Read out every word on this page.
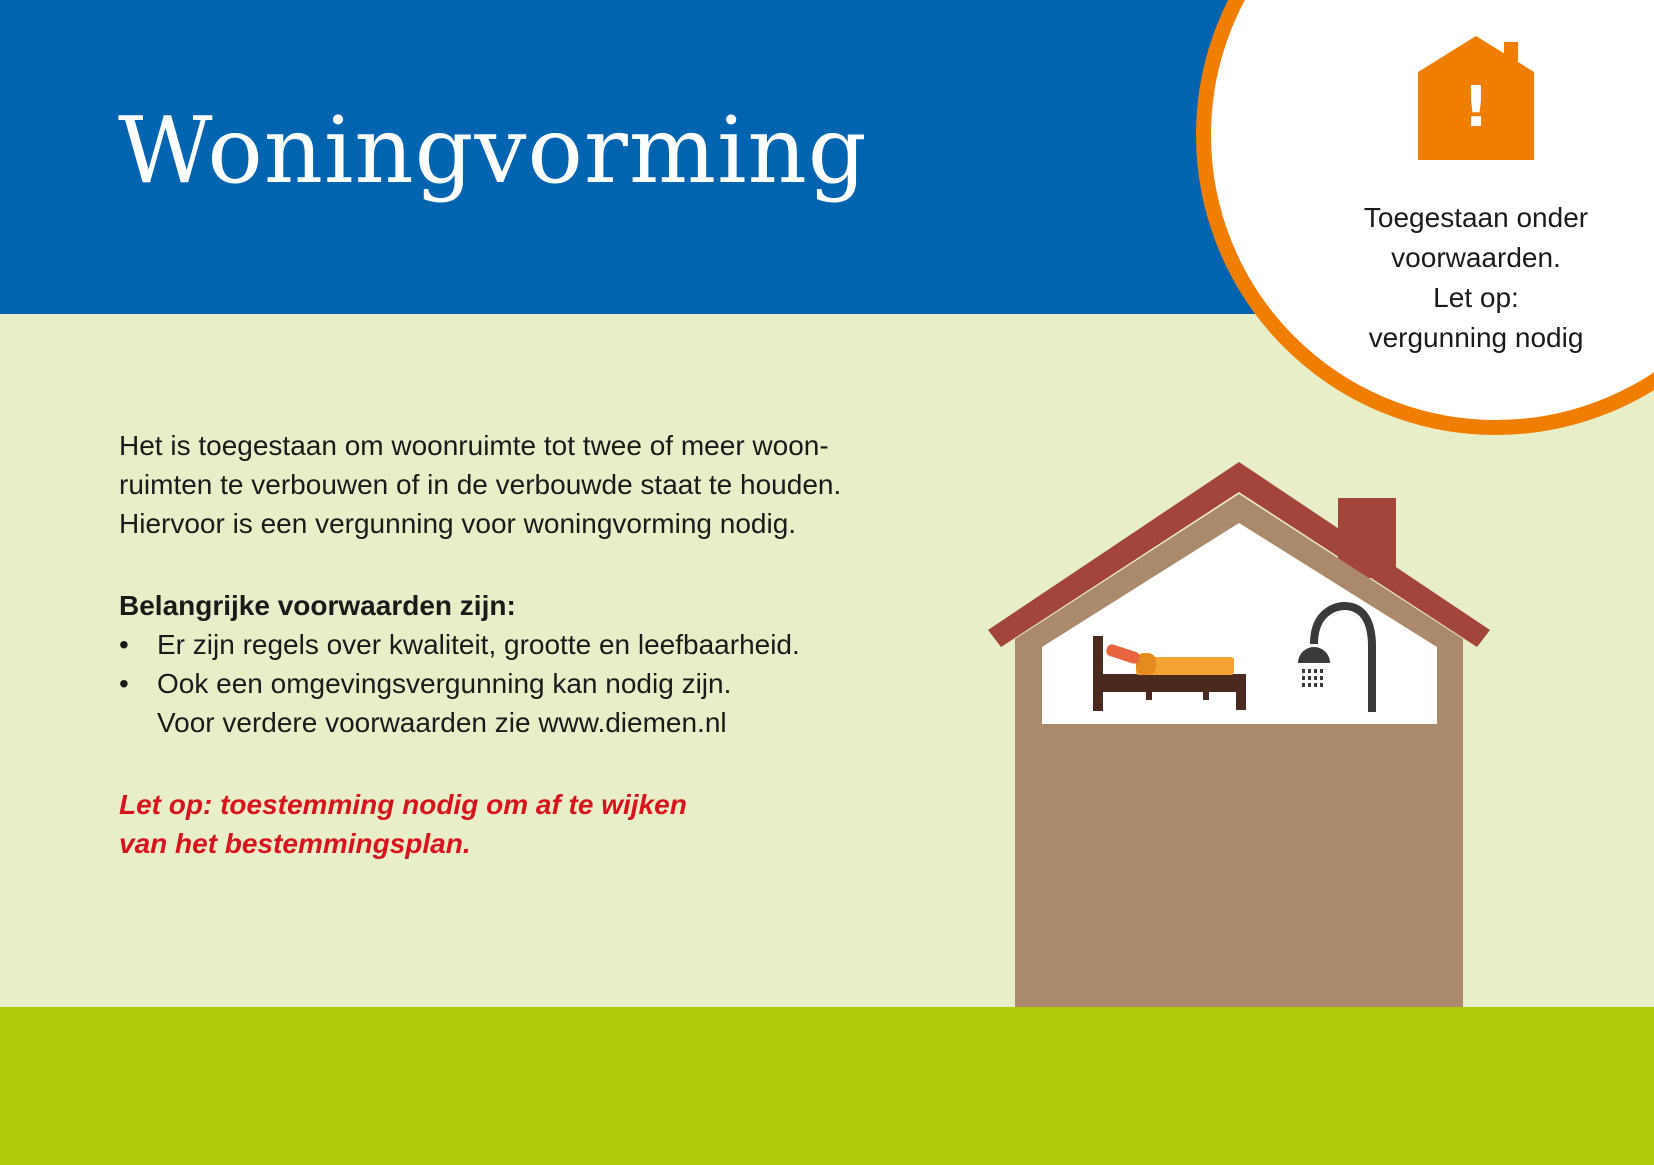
Woningvorming	!
Toegestaan onder
voorwaarden.
Let op:
vergunning nodig

Het is toegestaan om woonruimte tot twee of meer woon-
ruimten te verbouwen of in de verbouwde staat te houden.
Hiervoor is een vergunning voor woningvorming nodig.

Belangrijke voorwaarden zijn:

• Er zijn regels over kwaliteit, grootte en leefbaarheid.
• Ook een omgevingsvergunning kan nodig zijn.
Voor verdere voorwaarden zie www.diemen.nl

Let op: toestemming nodig om af te wijken
van het bestemmingsplan.
